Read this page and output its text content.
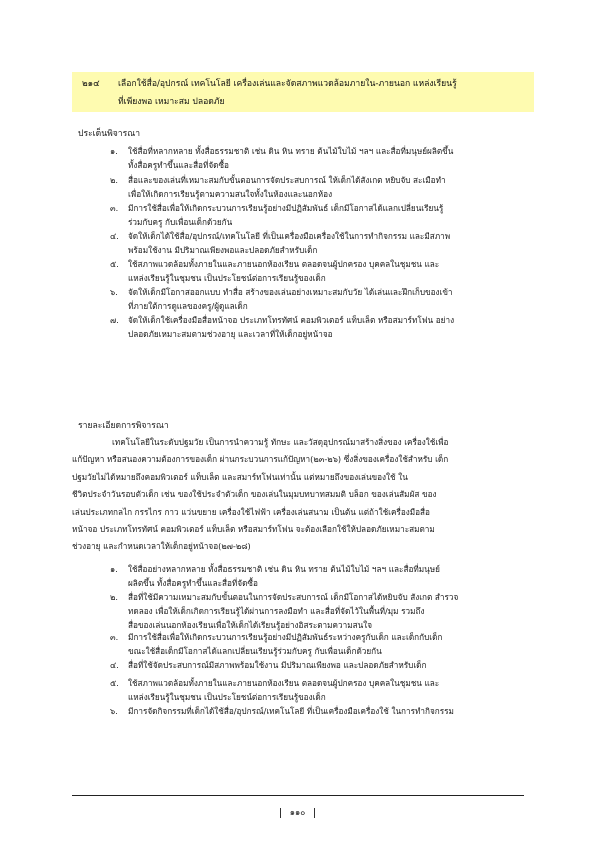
๒๑๔ เลือกใช้สื่อ/อุปกรณ์ เทคโนโลยี เครื่องเล่นและจัดสภาพแวดล้อมภายใน-ภายนอก แหล่งเรียนรู้
ที่เพียงพอ เหมาะสม ปลอดภัย
ประเด็นพิจารณา
๑. ใช้สื่อที่หลากหลาย ทั้งสื่อธรรมชาติ เช่น ดิน หิน ทราย ต้นไม้ใบไม้ ฯลฯ และสื่อที่มนุษย์ผลิตขึ้น
ทั้งสื่อครูทำขึ้นและสื่อที่จัดซื้อ
๒. สื่อและของเล่นที่เหมาะสมกับขั้นตอนการจัดประสบการณ์ ให้เด็กได้สังเกต หยิบจับ สะเมือทำ
เพื่อให้เกิดการเรียนรู้ตามความสนใจทั้งในห้องและนอกห้อง
๓. มีการใช้สื่อเพื่อให้เกิดกระบวนการเรียนรู้อย่างมีปฏิสัมพันธ์ เด็กมีโอกาสได้แลกเปลี่ยนเรียนรู้
ร่วมกับครู กับเพื่อนเด็กด้วยกัน
๔. จัดให้เด็กได้ใช้สื่อ/อุปกรณ์/เทคโนโลยี ที่เป็นเครื่องมือเครื่องใช้ในการทำกิจกรรม และมีสภาพ
พร้อมใช้งาน มีปริมาณเพียงพอและปลอดภัยสำหรับเด็ก
๕. ใช้สภาพแวดล้อมทั้งภายในและภายนอกห้องเรียน ตลอดจนผู้ปกครอง บุคคลในชุมชน และ
แหล่งเรียนรู้ในชุมชน เป็นประโยชน์ต่อการเรียนรู้ของเด็ก
๖. จัดให้เด็กมีโอกาสออกแบบ ทำสื่อ สร้างของเล่นอย่างเหมาะสมกับวัย ได้เล่นและฝึกเก็บของเข้า
ที่ภายใต้การดูแลของครู/ผู้ดูแลเด็ก
๗. จัดให้เด็กใช้เครื่องมือสื่อหน้าจอ ประเภทโทรทัศน์ คอมพิวเตอร์ แท็บเล็ต หรือสมาร์ทโฟน อย่าง
ปลอดภัยเหมาะสมตามช่วงอายุ และเวลาที่ให้เด็กอยู่หน้าจอ
รายละเอียดการพิจารณา
เทคโนโลยีในระดับปฐมวัย เป็นการนำความรู้ ทักษะ และวัสดุอุปกรณ์มาสร้างสิ่งของ เครื่องใช้เพื่อ
แก้ปัญหา หรือสนองความต้องการของเด็ก ผ่านกระบวนการแก้ปัญหา(๒๓-๒๖) ซึ่งสิ่งของเครื่องใช้สำหรับ เด็ก
ปฐมวัยไม่ได้หมายถึงคอมพิวเตอร์ แท็บเล็ต และสมาร์ทโฟนเท่านั้น แต่หมายถึงของเล่นของใช้ ใน
ชีวิตประจำวันรอบตัวเด็ก เช่น ของใช้ประจำตัวเด็ก ของเล่นในมุมบทบาทสมมติ บล็อก ของเล่นสัมผัส ของ
เล่นประเภทกลไก กรรไกร กาว แว่นขยาย เครื่องใช้ไฟฟ้า เครื่องเล่นสนาม เป็นต้น แต่ถ้าใช้เครื่องมือสื่อ
หน้าจอ ประเภทโทรทัศน์ คอมพิวเตอร์ แท็บเล็ต หรือสมาร์ทโฟน จะต้องเลือกใช้ให้ปลอดภัยเหมาะสมตาม
ช่วงอายุ และกำหนดเวลาให้เด็กอยู่หน้าจอ(๒๗-๒๘)
๑. ใช้สื่ออย่างหลากหลาย ทั้งสื่อธรรมชาติ เช่น ดิน หิน ทราย ต้นไม้ใบไม้ ฯลฯ และสื่อที่มนุษย์
ผลิตขึ้น ทั้งสื่อครูทำขึ้นและสื่อที่จัดซื้อ
๒. สื่อที่ใช้มีความเหมาะสมกับขั้นตอนในการจัดประสบการณ์ เด็กมีโอกาสได้หยิบจับ สังเกต สำรวจ
ทดลอง เพื่อให้เด็กเกิดการเรียนรู้ได้ผ่านการลงมือทำ และสื่อที่จัดไว้ในพื้นที่/มุม รวมถึง
สื่อของเล่นนอกห้องเรียนเพื่อให้เด็กได้เรียนรู้อย่างอิสระตามความสนใจ
๓. มีการใช้สื่อเพื่อให้เกิดกระบวนการเรียนรู้อย่างมีปฏิสัมพันธ์ระหว่างครูกับเด็ก และเด็กกับเด็ก
ขณะใช้สื่อเด็กมีโอกาสได้แลกเปลี่ยนเรียนรู้ร่วมกับครู กับเพื่อนเด็กด้วยกัน
๔. สื่อที่ใช้จัดประสบการณ์มีสภาพพร้อมใช้งาน มีปริมาณเพียงพอ และปลอดภัยสำหรับเด็ก
๕. ใช้สภาพแวดล้อมทั้งภายในและภายนอกห้องเรียน ตลอดจนผู้ปกครอง บุคคลในชุมชน และ
แหล่งเรียนรู้ในชุมชน เป็นประโยชน์ต่อการเรียนรู้ของเด็ก
๖. มีการจัดกิจกรรมที่เด็กได้ใช้สื่อ/อุปกรณ์/เทคโนโลยี ที่เป็นเครื่องมือเครื่องใช้ ในการทำกิจกรรม
๑๑๐
